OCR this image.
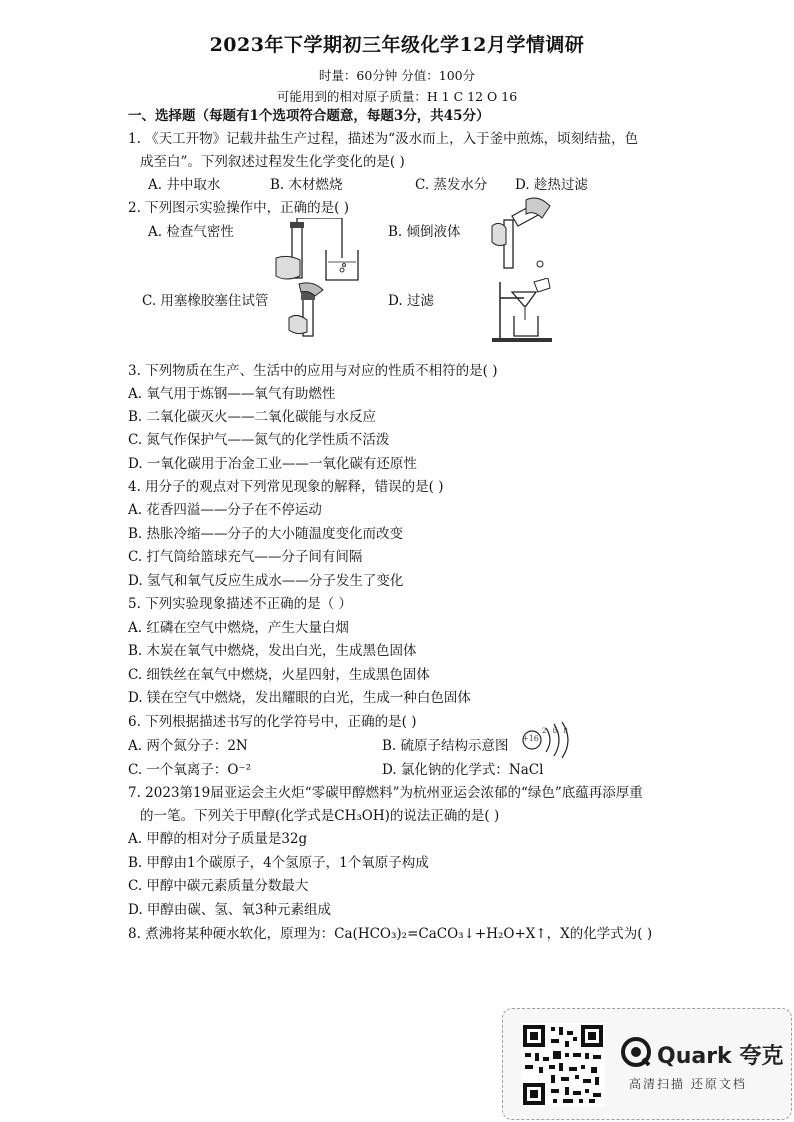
2023年下学期初三年级化学12月学情调研
时量：60分钟 分值：100分
可能用到的相对原子质量：H 1 C 12 O 16
一、选择题（每题有1个选项符合题意，每题3分，共45分）
1. 《天工开物》记载井盐生产过程，描述为“汲水而上，入于釜中煎炼，顷刻结盐，色
成至白”。下列叙述过程发生化学变化的是( )
A. 井中取水	B. 木材燃烧	C. 蒸发水分 D. 趁热过滤
2. 下列图示实验操作中，正确的是( )
A. 检查气密性	B. 倾倒液体
C. 用塞橡胶塞住试管	D. 过滤
3. 下列物质在生产、生活中的应用与对应的性质不相符的是( )
A. 氧气用于炼钢——氧气有助燃性
B. 二氧化碳灭火——二氧化碳能与水反应
C. 氮气作保护气——氮气的化学性质不活泼
D. 一氧化碳用于冶金工业——一氧化碳有还原性
4. 用分子的观点对下列常见现象的解释，错误的是( )
A. 花香四溢——分子在不停运动
B. 热胀冷缩——分子的大小随温度变化而改变
C. 打气筒给篮球充气——分子间有间隔
D. 氢气和氧气反应生成水——分子发生了变化
5. 下列实验现象描述不正确的是（ ）
A. 红磷在空气中燃烧，产生大量白烟
B. 木炭在氧气中燃烧，发出白光，生成黑色固体
C. 细铁丝在氧气中燃烧，火星四射，生成黑色固体
D. 镁在空气中燃烧，发出耀眼的白光，生成一种白色固体
6. 下列根据描述书写的化学符号中，正确的是( )
A. 两个氮分子：2N	B. 硫原子结构示意图
C. 一个氧离子：O⁻²	D. 氯化钠的化学式：NaCl
+16
2 8 8
7. 2023第19届亚运会主火炬“零碳甲醇燃料”为杭州亚运会浓郁的“绿色”底蕴再添厚重
的一笔。下列关于甲醇(化学式是CH₃OH)的说法正确的是( )
A. 甲醇的相对分子质量是32g
B. 甲醇由1个碳原子，4个氢原子，1个氧原子构成
C. 甲醇中碳元素质量分数最大
D. 甲醇由碳、氢、氧3种元素组成
8. 煮沸将某种硬水软化，原理为：Ca(HCO₃)₂=CaCO₃↓+H₂O+X↑，X的化学式为( )
Quark 夸克
高清扫描 还原文档
